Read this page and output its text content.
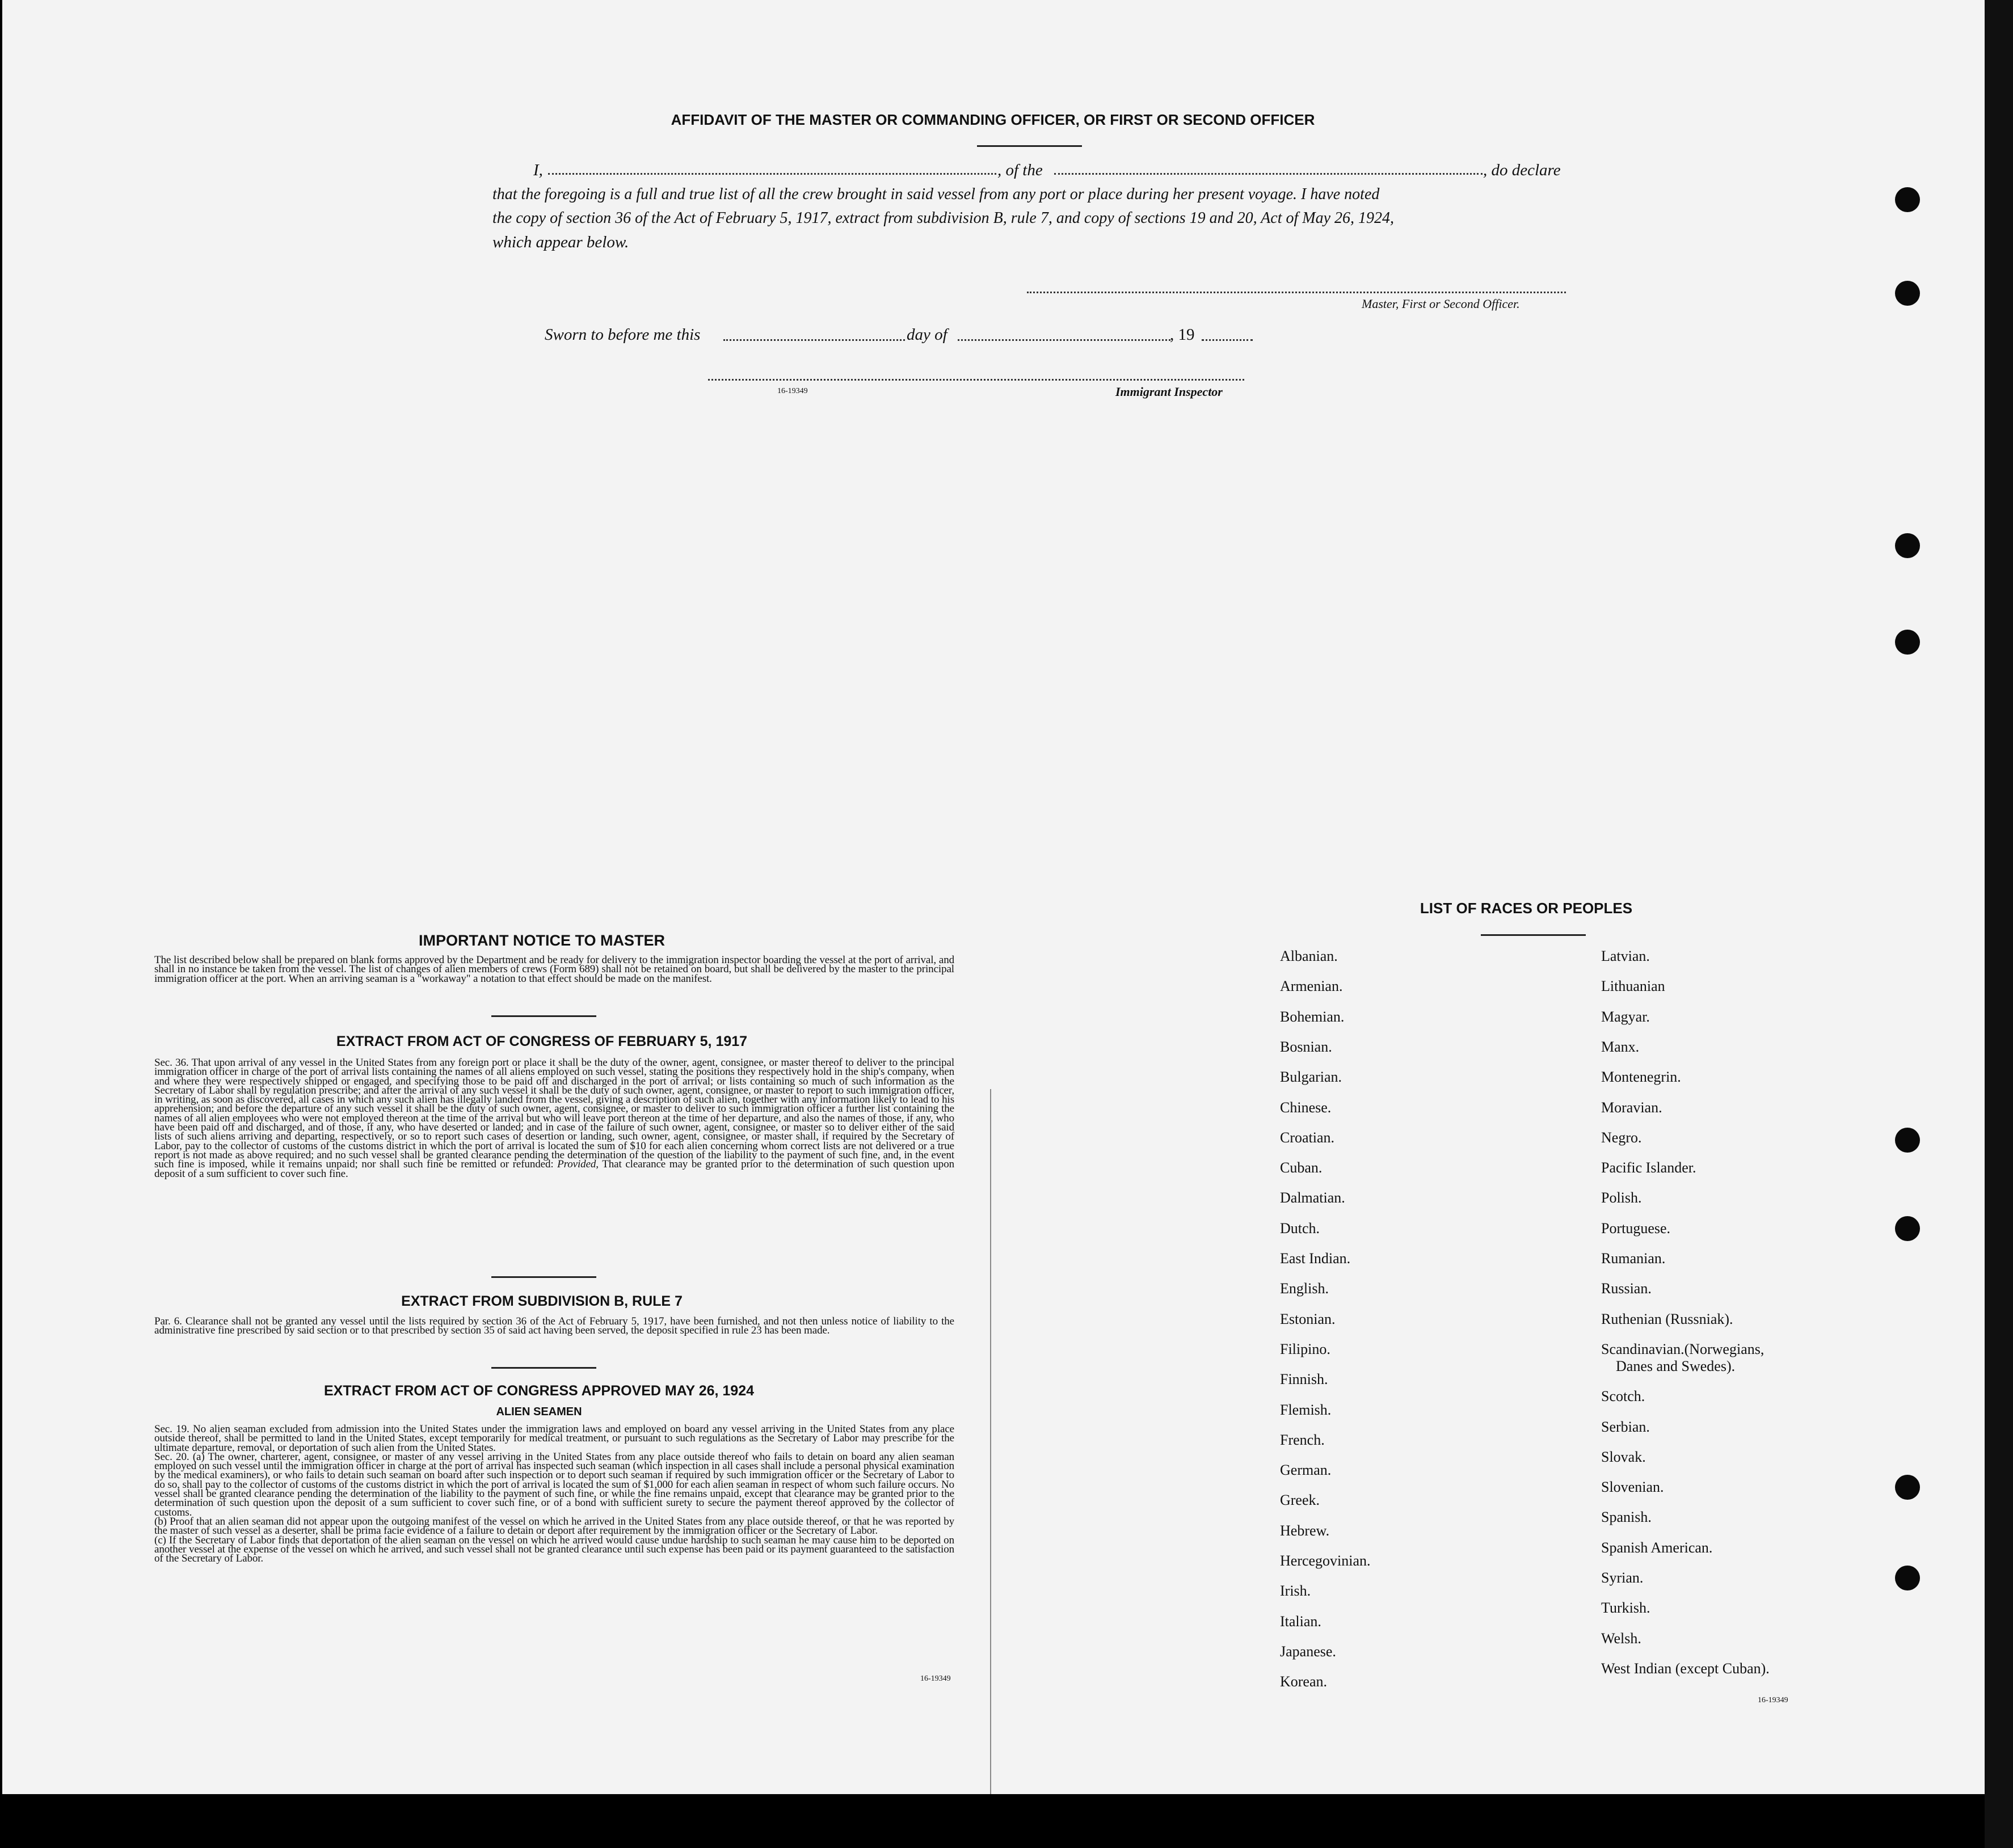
AFFIDAVIT OF THE MASTER OR COMMANDING OFFICER, OR FIRST OR SECOND OFFICER
I,	, of the	, do declare
that the foregoing is a full and true list of all the crew brought in said vessel from any port or place during her present voyage. I have noted
the copy of section 36 of the Act of February 5, 1917, extract from subdivision B, rule 7, and copy of sections 19 and 20, Act of May 26, 1924,
which appear below.
Master, First or Second Officer.
Sworn to before me this	day of	, 19
16-19349	Immigrant Inspector
IMPORTANT NOTICE TO MASTER
The list described below shall be prepared on blank forms approved by the Department and be ready for delivery to the immigration inspector boarding the vessel at the port of arrival, and shall in no instance be taken from the vessel. The list of changes of alien members of crews (Form 689) shall not be retained on board, but shall be delivered by the master to the principal immigration officer at the port. When an arriving seaman is a "workaway" a notation to that effect should be made on the manifest.
EXTRACT FROM ACT OF CONGRESS OF FEBRUARY 5, 1917
Sec. 36. That upon arrival of any vessel in the United States from any foreign port or place it shall be the duty of the owner, agent, consignee, or master thereof to deliver to the principal immigration officer in charge of the port of arrival lists containing the names of all aliens employed on such vessel, stating the positions they respectively hold in the ship's company, when and where they were respectively shipped or engaged, and specifying those to be paid off and discharged in the port of arrival; or lists containing so much of such information as the Secretary of Labor shall by regulation prescribe; and after the arrival of any such vessel it shall be the duty of such owner, agent, consignee, or master to report to such immigration officer, in writing, as soon as discovered, all cases in which any such alien has illegally landed from the vessel, giving a description of such alien, together with any information likely to lead to his apprehension; and before the departure of any such vessel it shall be the duty of such owner, agent, consignee, or master to deliver to such immigration officer a further list containing the names of all alien employees who were not employed thereon at the time of the arrival but who will leave port thereon at the time of her departure, and also the names of those, if any, who have been paid off and discharged, and of those, if any, who have deserted or landed; and in case of the failure of such owner, agent, consignee, or master so to deliver either of the said lists of such aliens arriving and departing, respectively, or so to report such cases of desertion or landing, such owner, agent, consignee, or master shall, if required by the Secretary of Labor, pay to the collector of customs of the customs district in which the port of arrival is located the sum of $10 for each alien concerning whom correct lists are not delivered or a true report is not made as above required; and no such vessel shall be granted clearance pending the determination of the question of the liability to the payment of such fine, and, in the event such fine is imposed, while it remains unpaid; nor shall such fine be remitted or refunded: Provided, That clearance may be granted prior to the determination of such question upon deposit of a sum sufficient to cover such fine.
EXTRACT FROM SUBDIVISION B, RULE 7
Par. 6. Clearance shall not be granted any vessel until the lists required by section 36 of the Act of February 5, 1917, have been furnished, and not then unless notice of liability to the administrative fine prescribed by said section or to that prescribed by section 35 of said act having been served, the deposit specified in rule 23 has been made.
EXTRACT FROM ACT OF CONGRESS APPROVED MAY 26, 1924
ALIEN SEAMEN
Sec. 19. No alien seaman excluded from admission into the United States under the immigration laws and employed on board any vessel arriving in the United States from any place outside thereof, shall be permitted to land in the United States, except temporarily for medical treatment, or pursuant to such regulations as the Secretary of Labor may prescribe for the ultimate departure, removal, or deportation of such alien from the United States.
Sec. 20. (a) The owner, charterer, agent, consignee, or master of any vessel arriving in the United States from any place outside thereof who fails to detain on board any alien seaman employed on such vessel until the immigration officer in charge at the port of arrival has inspected such seaman (which inspection in all cases shall include a personal physical examination by the medical examiners), or who fails to detain such seaman on board after such inspection or to deport such seaman if required by such immigration officer or the Secretary of Labor to do so, shall pay to the collector of customs of the customs district in which the port of arrival is located the sum of $1,000 for each alien seaman in respect of whom such failure occurs. No vessel shall be granted clearance pending the determination of the liability to the payment of such fine, or while the fine remains unpaid, except that clearance may be granted prior to the determination of such question upon the deposit of a sum sufficient to cover such fine, or of a bond with sufficient surety to secure the payment thereof approved by the collector of customs.
(b) Proof that an alien seaman did not appear upon the outgoing manifest of the vessel on which he arrived in the United States from any place outside thereof, or that he was reported by the master of such vessel as a deserter, shall be prima facie evidence of a failure to detain or deport after requirement by the immigration officer or the Secretary of Labor.
(c) If the Secretary of Labor finds that deportation of the alien seaman on the vessel on which he arrived would cause undue hardship to such seaman he may cause him to be deported on another vessel at the expense of the vessel on which he arrived, and such vessel shall not be granted clearance until such expense has been paid or its payment guaranteed to the satisfaction of the Secretary of Labor.
16-19349
LIST OF RACES OR PEOPLES
Albanian.
Armenian.
Bohemian.
Bosnian.
Bulgarian.
Chinese.
Croatian.
Cuban.
Dalmatian.
Dutch.
East Indian.
English.
Estonian.
Filipino.
Finnish.
Flemish.
French.
German.
Greek.
Hebrew.
Hercegovinian.
Irish.
Italian.
Japanese.
Korean.
Latvian.
Lithuanian
Magyar.
Manx.
Montenegrin.
Moravian.
Negro.
Pacific Islander.
Polish.
Portuguese.
Rumanian.
Russian.
Ruthenian (Russniak).
Scandinavian.(Norwegians,
Danes and Swedes).
Scotch.
Serbian.
Slovak.
Slovenian.
Spanish.
Spanish American.
Syrian.
Turkish.
Welsh.
West Indian (except Cuban).
16-19349
